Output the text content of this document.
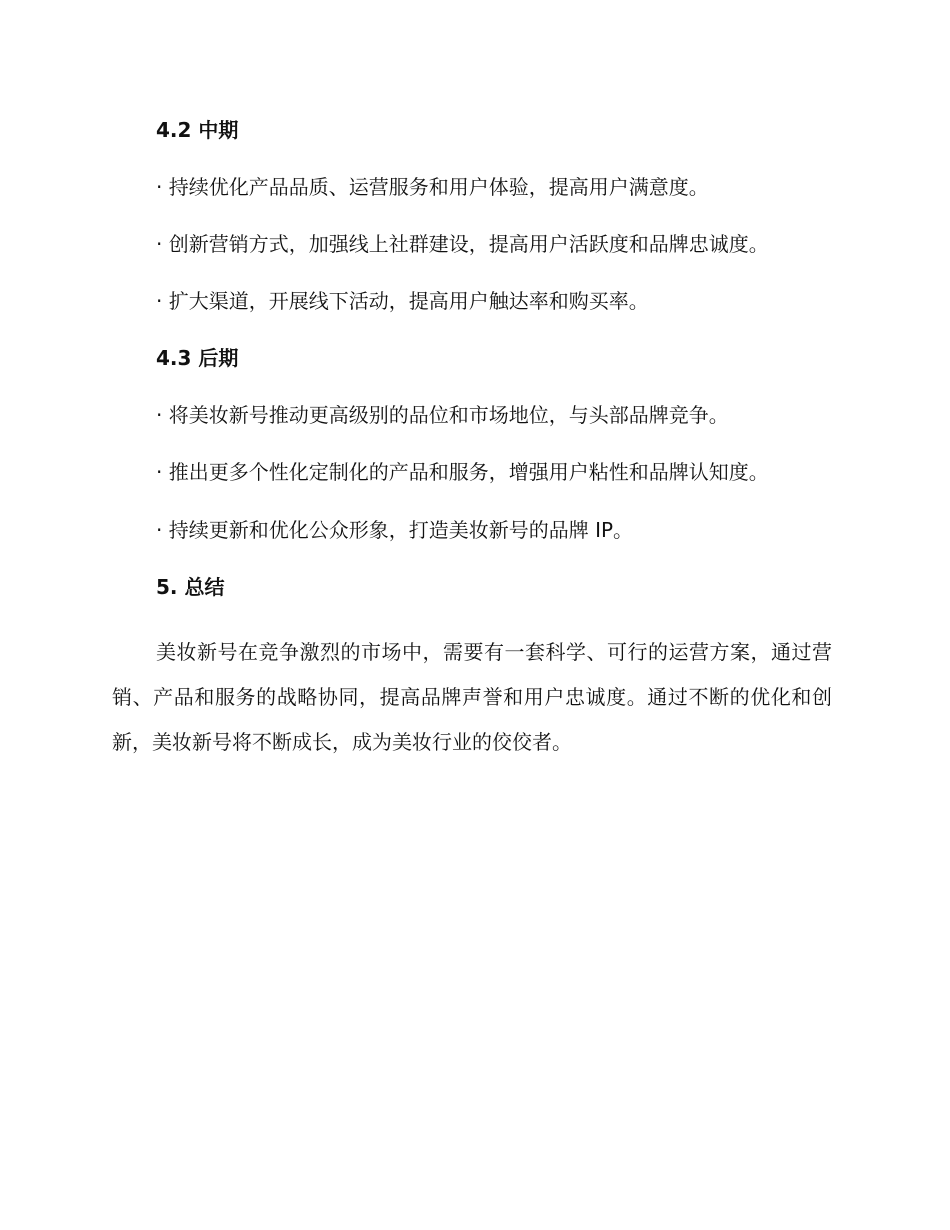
4.2 中期
· 持续优化产品品质、运营服务和用户体验，提高用户满意度。
· 创新营销方式，加强线上社群建设，提高用户活跃度和品牌忠诚度。
· 扩大渠道，开展线下活动，提高用户触达率和购买率。
4.3 后期
· 将美妆新号推动更高级别的品位和市场地位，与头部品牌竞争。
· 推出更多个性化定制化的产品和服务，增强用户粘性和品牌认知度。
· 持续更新和优化公众形象，打造美妆新号的品牌 IP。
5. 总结
美妆新号在竞争激烈的市场中，需要有一套科学、可行的运营方案，通过营销、产品和服务的战略协同，提高品牌声誉和用户忠诚度。通过不断的优化和创新，美妆新号将不断成长，成为美妆行业的佼佼者。
